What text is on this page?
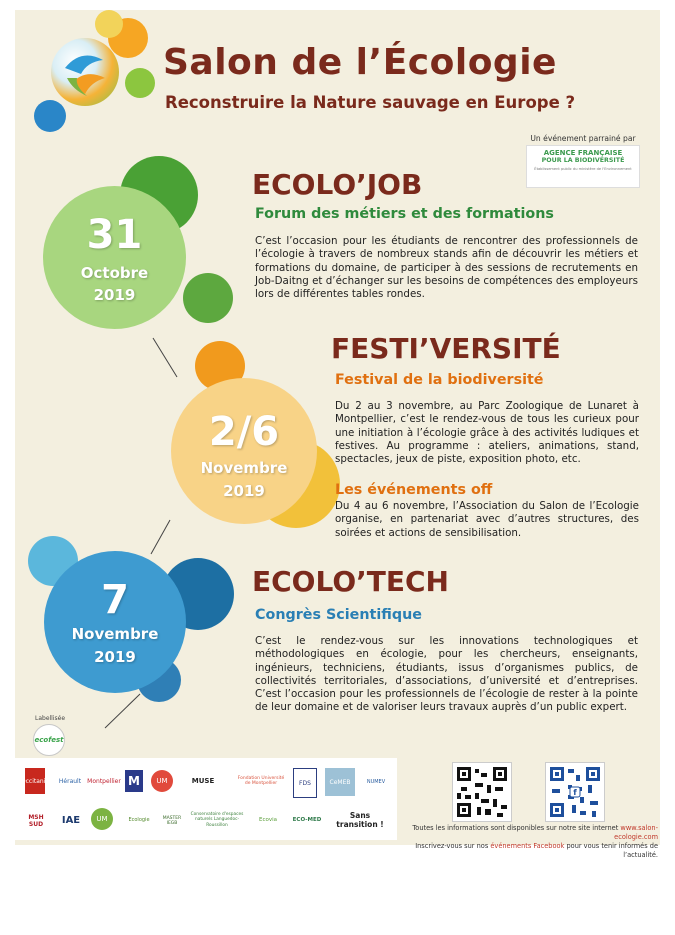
Salon de l’Écologie
Reconstruire la Nature sauvage en Europe ?
Un événement parrainé par
AGENCE FRANÇAISE
POUR LA BIODIVERSITÉ
Établissement public du ministère de l'Environnement
31
Octobre
2019
ECOLO’JOB
Forum des métiers et des formations
C’est l’occasion pour les étudiants de rencontrer des professionnels de l’écologie à travers de nombreux stands afin de découvrir les métiers et formations du domaine, de participer à des sessions de recrutements en Job-Daitng et d’échanger sur les besoins de compétences des employeurs lors de différentes tables rondes.
2/6
Novembre
2019
FESTI’VERSITÉ
Festival de la biodiversité
Du 2 au 3 novembre, au Parc Zoologique de Lunaret à Montpellier, c’est le rendez-vous de tous les curieux pour une initiation à l’écologie grâce à des activités ludiques et festives. Au programme : ateliers, animations, stand, spectacles, jeux de piste, exposition photo, etc.
Les événements off
Du 4 au 6 novembre, l’Association du Salon de l’Ecologie organise, en partenariat avec d’autres structures, des soirées et actions de sensibilisation.
7
Novembre
2019
ECOLO’TECH
Congrès Scientifique
C’est le rendez-vous sur les innovations technologiques et méthodologiques en écologie, pour les chercheurs, enseignants, ingénieurs, techniciens, étudiants, issus d’organismes publics, de collectivités territoriales, d’associations, d’université et d’entreprises. C’est l’occasion pour les professionnels de l’écologie de rester à la pointe de leur domaine et de valoriser leurs travaux auprès d’un public expert.
Labellisée
ecofest
Occitanie Hérault Montpellier M	UM	MUSE	Fondation Université de Montpellier	FDS	CeMEB	NUMEV
MSH SUD	IAE	UM	Ecologie	MASTER IEGB
Conservatoire d'espaces naturels Languedoc-Roussillon
Ecovia	ECO-MED	Sans transition !
f
Toutes les informations sont disponibles sur notre site internet www.salon-ecologie.com
Inscrivez-vous sur nos événements Facebook pour vous tenir informés de l’actualité.
